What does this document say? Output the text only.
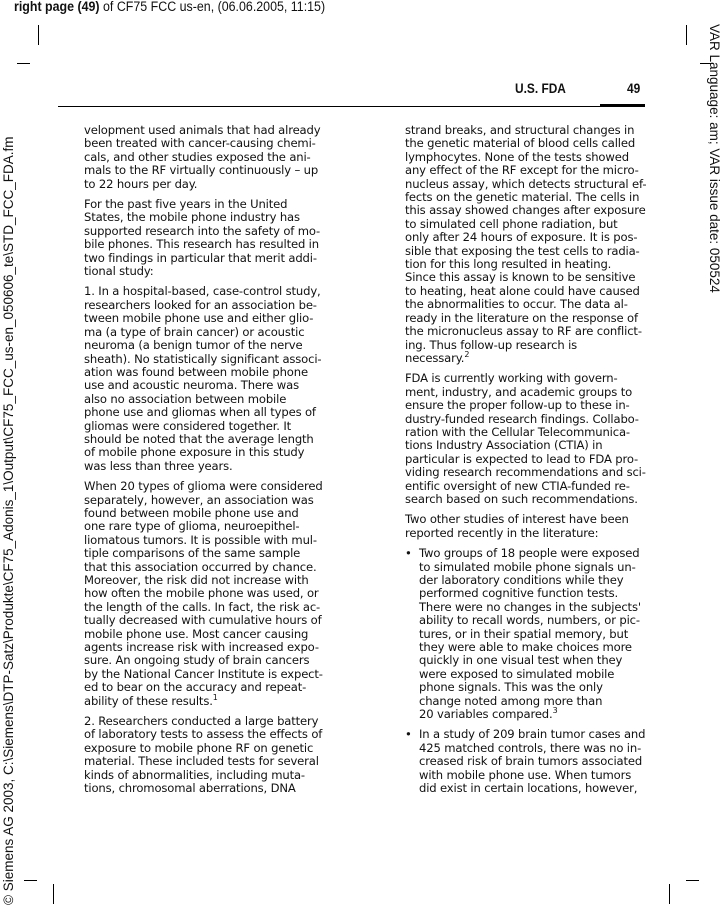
right page (49) of CF75 FCC us-en, (06.06.2005, 11:15)
© Siemens AG 2003, C:\Siemens\DTP-Satz\Produkte\CF75_Adonis_1\Output\CF75_FCC_us-en_050606_te\STD_FCC_FDA.fm	VAR Language: am; VAR issue date: 050524
U.S. FDA	49
velopment used animals that had already
been treated with cancer-causing chemi-
cals, and other studies exposed the ani-
mals to the RF virtually continuously – up
to 22 hours per day.
For the past five years in the United
States, the mobile phone industry has
supported research into the safety of mo-
bile phones. This research has resulted in
two findings in particular that merit addi-
tional study:
1. In a hospital-based, case-control study,
researchers looked for an association be-
tween mobile phone use and either glio-
ma (a type of brain cancer) or acoustic
neuroma (a benign tumor of the nerve
sheath). No statistically significant associ-
ation was found between mobile phone
use and acoustic neuroma. There was
also no association between mobile
phone use and gliomas when all types of
gliomas were considered together. It
should be noted that the average length
of mobile phone exposure in this study
was less than three years.
When 20 types of glioma were considered
separately, however, an association was
found between mobile phone use and
one rare type of glioma, neuroepithel-
liomatous tumors. It is possible with mul-
tiple comparisons of the same sample
that this association occurred by chance.
Moreover, the risk did not increase with
how often the mobile phone was used, or
the length of the calls. In fact, the risk ac-
tually decreased with cumulative hours of
mobile phone use. Most cancer causing
agents increase risk with increased expo-
sure. An ongoing study of brain cancers
by the National Cancer Institute is expect-
ed to bear on the accuracy and repeat-
ability of these results.$^1$
2. Researchers conducted a large battery
of laboratory tests to assess the effects of
exposure to mobile phone RF on genetic
material. These included tests for several
kinds of abnormalities, including muta-
tions, chromosomal aberrations, DNA
strand breaks, and structural changes in
the genetic material of blood cells called
lymphocytes. None of the tests showed
any effect of the RF except for the micro-
nucleus assay, which detects structural ef-
fects on the genetic material. The cells in
this assay showed changes after exposure
to simulated cell phone radiation, but
only after 24 hours of exposure. It is pos-
sible that exposing the test cells to radia-
tion for this long resulted in heating.
Since this assay is known to be sensitive
to heating, heat alone could have caused
the abnormalities to occur. The data al-
ready in the literature on the response of
the micronucleus assay to RF are conflict-
ing. Thus follow-up research is
necessary.$^2$
FDA is currently working with govern-
ment, industry, and academic groups to
ensure the proper follow-up to these in-
dustry-funded research findings. Collabo-
ration with the Cellular Telecommunica-
tions Industry Association (CTIA) in
particular is expected to lead to FDA pro-
viding research recommendations and sci-
entific oversight of new CTIA-funded re-
search based on such recommendations.
Two other studies of interest have been
reported recently in the literature:
• Two groups of 18 people were exposed
to simulated mobile phone signals un-
der laboratory conditions while they
performed cognitive function tests.
There were no changes in the subjects'
ability to recall words, numbers, or pic-
tures, or in their spatial memory, but
they were able to make choices more
quickly in one visual test when they
were exposed to simulated mobile
phone signals. This was the only
change noted among more than
20 variables compared.$^3$
• In a study of 209 brain tumor cases and
425 matched controls, there was no in-
creased risk of brain tumors associated
with mobile phone use. When tumors
did exist in certain locations, however,
